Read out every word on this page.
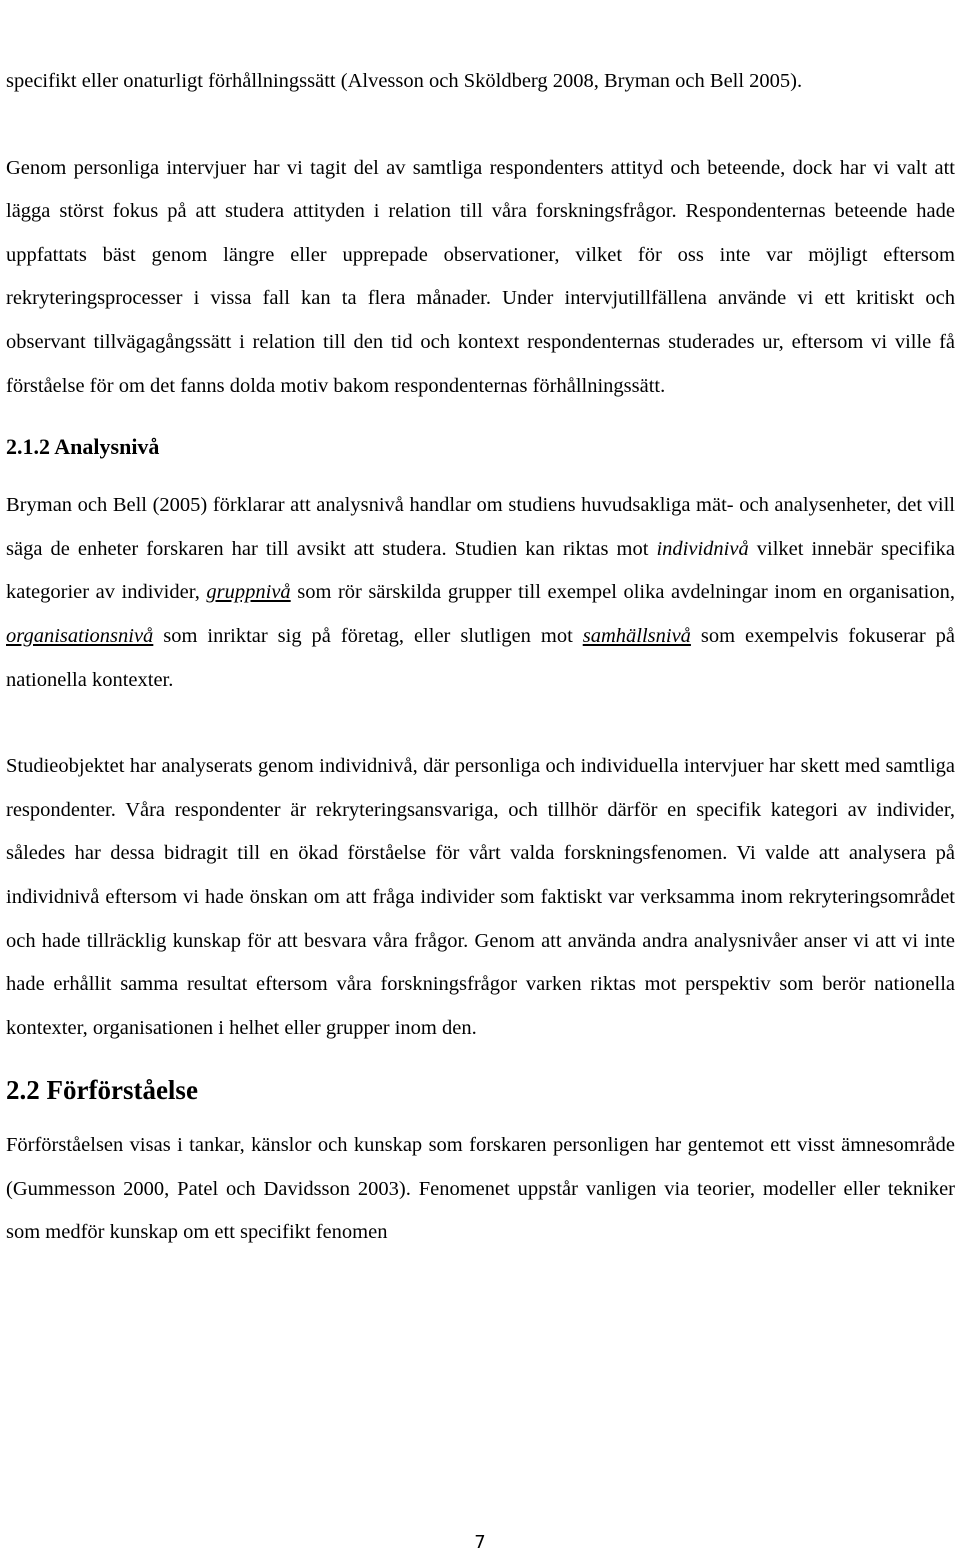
specifikt eller onaturligt förhållningssätt (Alvesson och Sköldberg 2008, Bryman och Bell 2005).

Genom personliga intervjuer har vi tagit del av samtliga respondenters attityd och beteende, dock har vi valt att lägga störst fokus på att studera attityden i relation till våra forskningsfrågor. Respondenternas beteende hade uppfattats bäst genom längre eller upprepade observationer, vilket för oss inte var möjligt eftersom rekryteringsprocesser i vissa fall kan ta flera månader. Under intervjutillfällena använde vi ett kritiskt och observant tillvägagångssätt i relation till den tid och kontext respondenternas studerades ur, eftersom vi ville få förståelse för om det fanns dolda motiv bakom respondenternas förhållningssätt.

2.1.2 Analysnivå

Bryman och Bell (2005) förklarar att analysnivå handlar om studiens huvudsakliga mät- och analysenheter, det vill säga de enheter forskaren har till avsikt att studera. Studien kan riktas mot individnivå vilket innebär specifika kategorier av individer, gruppnivå som rör särskilda grupper till exempel olika avdelningar inom en organisation, organisationsnivå som inriktar sig på företag, eller slutligen mot samhällsnivå som exempelvis fokuserar på nationella kontexter.

Studieobjektet har analyserats genom individnivå, där personliga och individuella intervjuer har skett med samtliga respondenter. Våra respondenter är rekryteringsansvariga, och tillhör därför en specifik kategori av individer, således har dessa bidragit till en ökad förståelse för vårt valda forskningsfenomen. Vi valde att analysera på individnivå eftersom vi hade önskan om att fråga individer som faktiskt var verksamma inom rekryteringsområdet och hade tillräcklig kunskap för att besvara våra frågor. Genom att använda andra analysnivåer anser vi att vi inte hade erhållit samma resultat eftersom våra forskningsfrågor varken riktas mot perspektiv som berör nationella kontexter, organisationen i helhet eller grupper inom den.

2.2 Förförståelse

Förförståelsen visas i tankar, känslor och kunskap som forskaren personligen har gentemot ett visst ämnesområde (Gummesson 2000, Patel och Davidsson 2003). Fenomenet uppstår vanligen via teorier, modeller eller tekniker som medför kunskap om ett specifikt fenomen

7
